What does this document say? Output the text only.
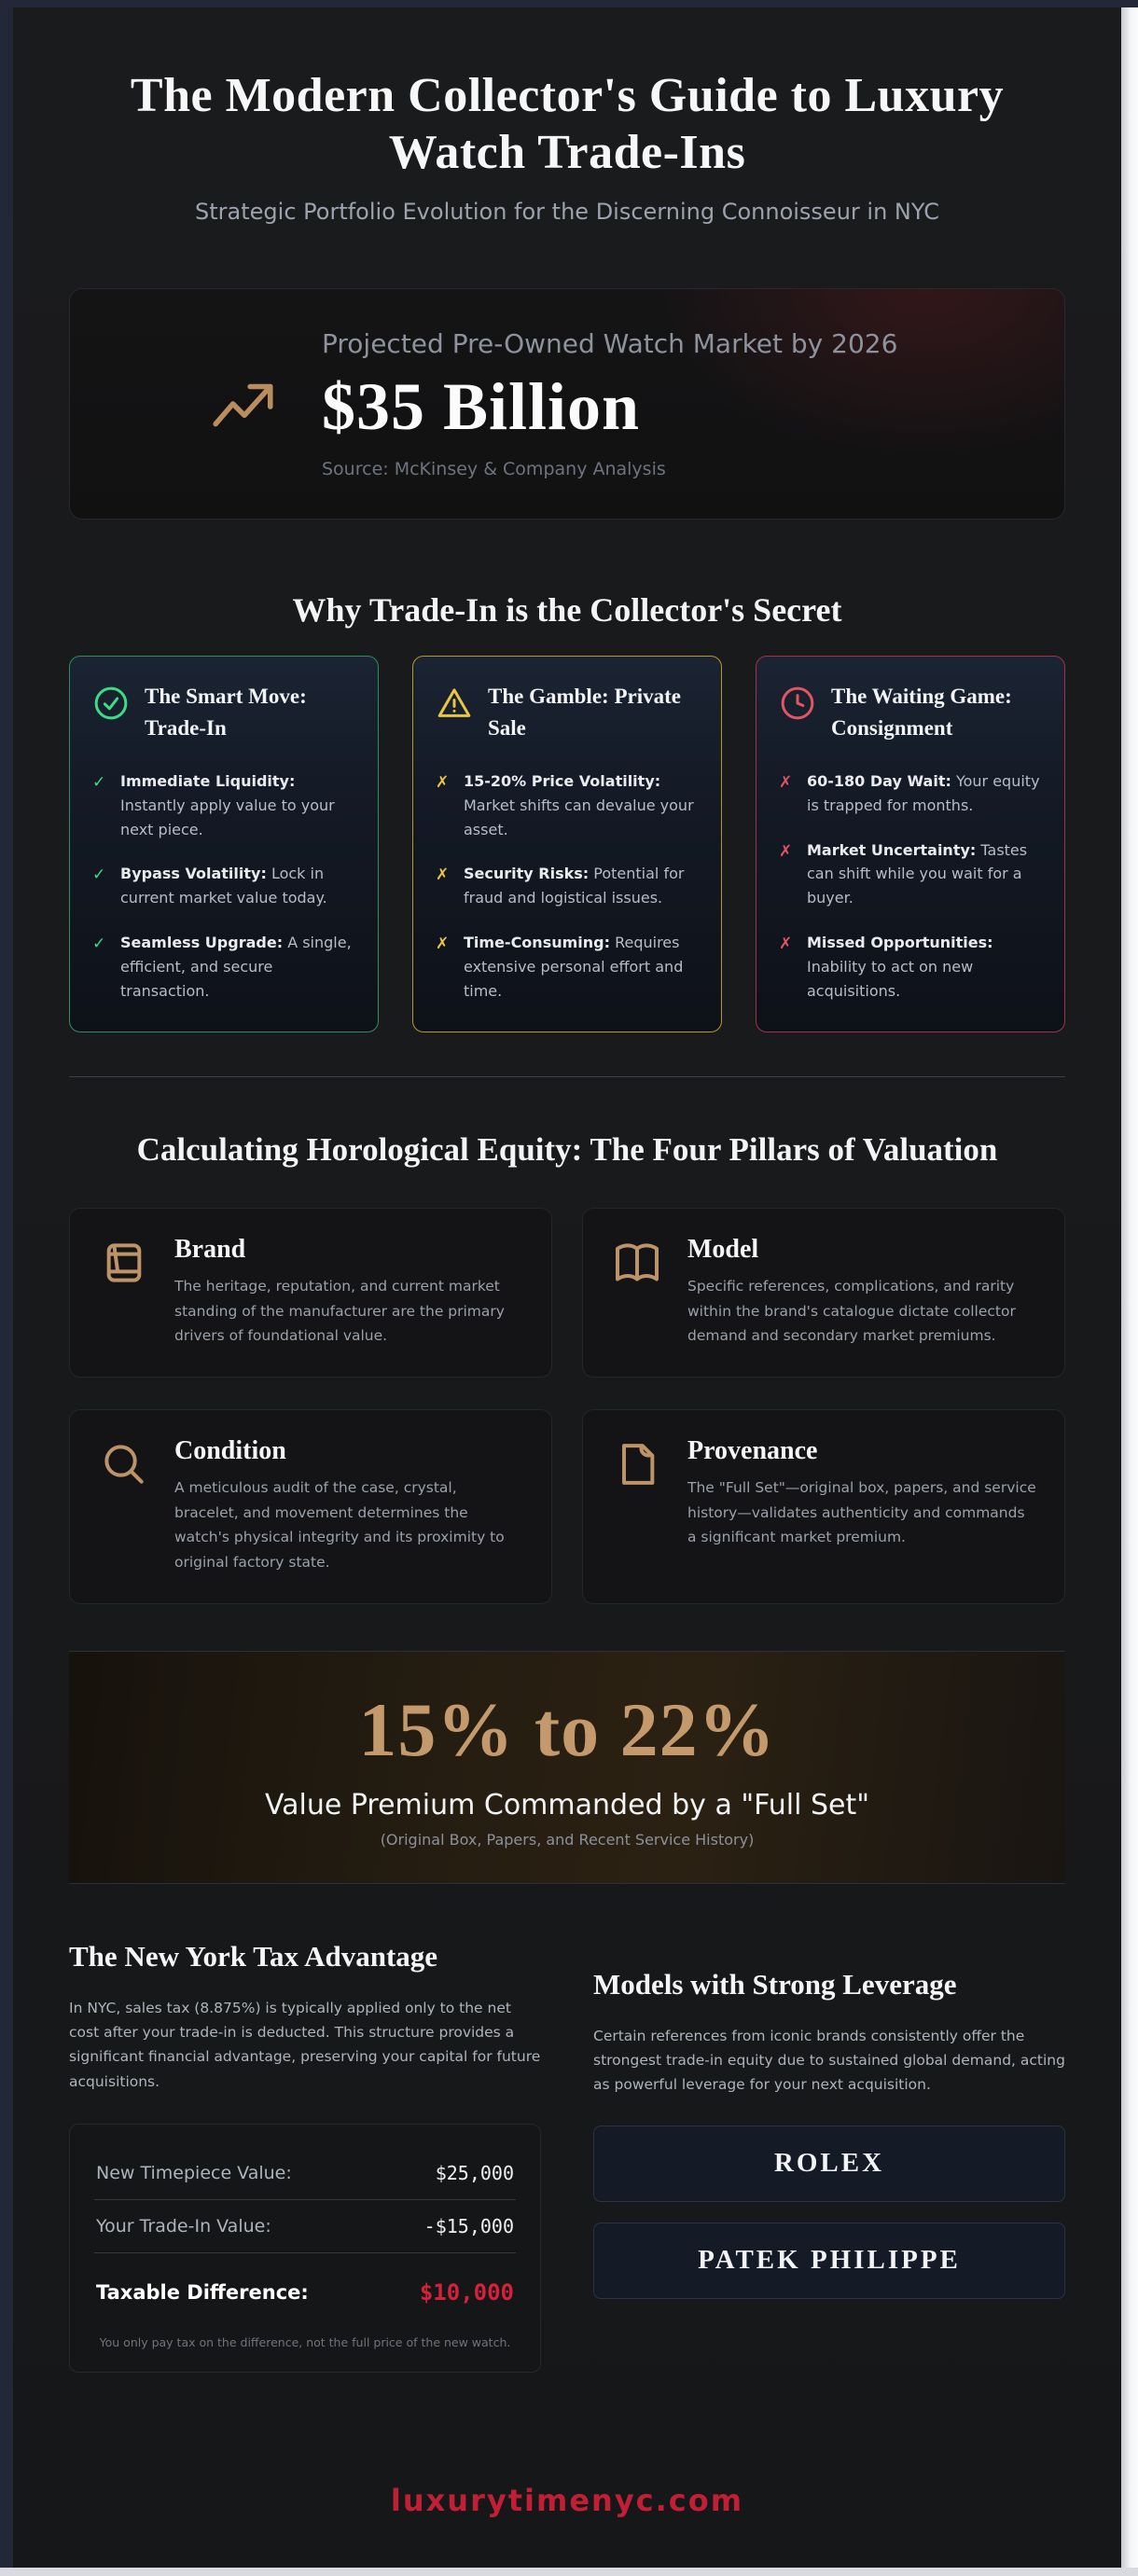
The Modern Collector's Guide to Luxury Watch Trade-Ins
Strategic Portfolio Evolution for the Discerning Connoisseur in NYC
Projected Pre-Owned Watch Market by 2026
$35 Billion
Source: McKinsey & Company Analysis
Why Trade-In is the Collector's Secret
The Smart Move: Trade-In
✓ Immediate Liquidity: Instantly apply value to your next piece.
✓ Bypass Volatility: Lock in current market value today.
✓ Seamless Upgrade: A single, efficient, and secure transaction.
The Gamble: Private Sale
✗ 15-20% Price Volatility: Market shifts can devalue your asset.
✗ Security Risks: Potential for fraud and logistical issues.
✗ Time-Consuming: Requires extensive personal effort and time.
The Waiting Game: Consignment
✗ 60-180 Day Wait: Your equity is trapped for months.
✗ Market Uncertainty: Tastes can shift while you wait for a buyer.
✗ Missed Opportunities: Inability to act on new acquisitions.
Calculating Horological Equity: The Four Pillars of Valuation
Brand
The heritage, reputation, and current market standing of the manufacturer are the primary drivers of foundational value.
Model
Specific references, complications, and rarity within the brand's catalogue dictate collector demand and secondary market premiums.
Condition
A meticulous audit of the case, crystal, bracelet, and movement determines the watch's physical integrity and its proximity to original factory state.
Provenance
The "Full Set"—original box, papers, and service history—validates authenticity and commands a significant market premium.
15% to 22%
Value Premium Commanded by a "Full Set"
(Original Box, Papers, and Recent Service History)
The New York Tax Advantage

In NYC, sales tax (8.875%) is typically applied only to the net cost after your trade-in is deducted. This structure provides a significant financial advantage, preserving your capital for future acquisitions.

New Timepiece Value:	$25,000
Your Trade-In Value:	-$15,000
Taxable Difference:	$10,000
You only pay tax on the difference, not the full price of the new watch.
Models with Strong Leverage

Certain references from iconic brands consistently offer the strongest trade-in equity due to sustained global demand, acting as powerful leverage for your next acquisition.

ROLEX
PATEK PHILIPPE
luxurytimenyc.com
